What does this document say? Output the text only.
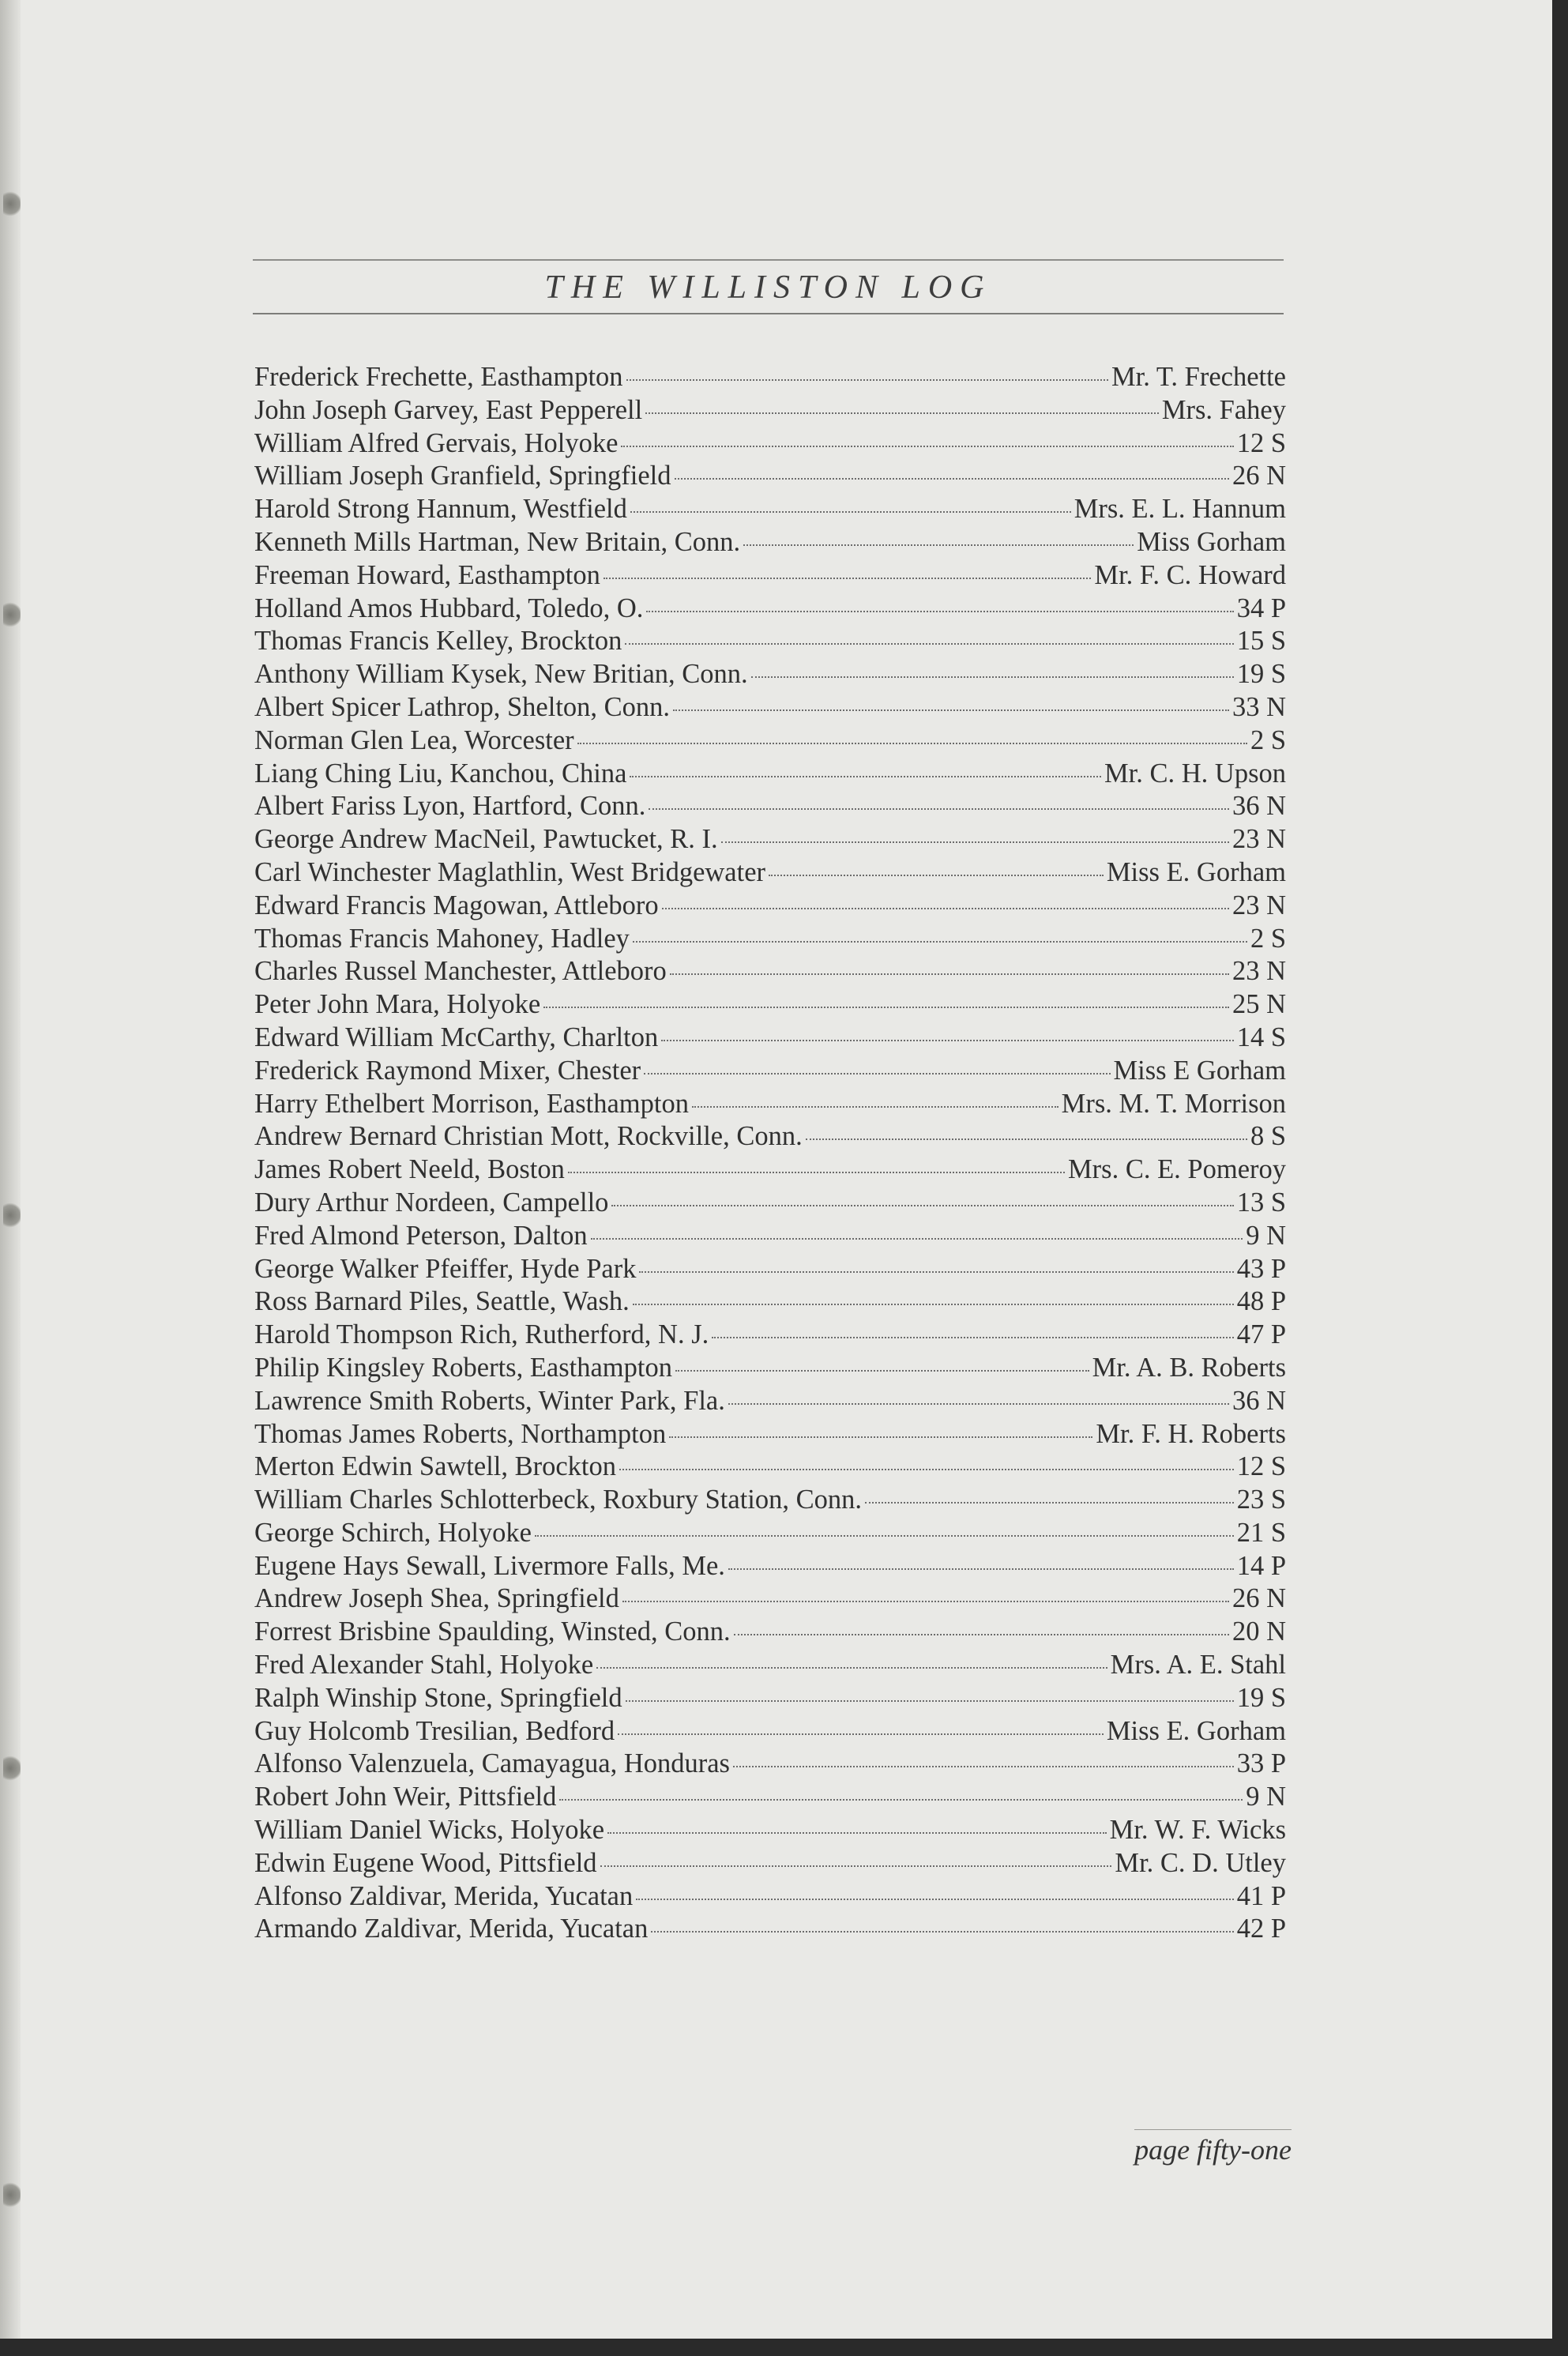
THE WILLISTON LOG
Frederick Frechette, Easthampton	Mr. T. Frechette
John Joseph Garvey, East Pepperell	Mrs. Fahey
William Alfred Gervais, Holyoke	12 S
William Joseph Granfield, Springfield	26 N
Harold Strong Hannum, Westfield	Mrs. E. L. Hannum
Kenneth Mills Hartman, New Britain, Conn.	Miss Gorham
Freeman Howard, Easthampton	Mr. F. C. Howard
Holland Amos Hubbard, Toledo, O.	34 P
Thomas Francis Kelley, Brockton	15 S
Anthony William Kysek, New Britian, Conn.	19 S
Albert Spicer Lathrop, Shelton, Conn.	33 N
Norman Glen Lea, Worcester	2 S
Liang Ching Liu, Kanchou, China	Mr. C. H. Upson
Albert Fariss Lyon, Hartford, Conn.	36 N
George Andrew MacNeil, Pawtucket, R. I.	23 N
Carl Winchester Maglathlin, West Bridgewater	Miss E. Gorham
Edward Francis Magowan, Attleboro	23 N
Thomas Francis Mahoney, Hadley	2 S
Charles Russel Manchester, Attleboro	23 N
Peter John Mara, Holyoke	25 N
Edward William McCarthy, Charlton	14 S
Frederick Raymond Mixer, Chester	Miss E Gorham
Harry Ethelbert Morrison, Easthampton	Mrs. M. T. Morrison
Andrew Bernard Christian Mott, Rockville, Conn.	8 S
James Robert Neeld, Boston	Mrs. C. E. Pomeroy
Dury Arthur Nordeen, Campello	13 S
Fred Almond Peterson, Dalton	9 N
George Walker Pfeiffer, Hyde Park	43 P
Ross Barnard Piles, Seattle, Wash.	48 P
Harold Thompson Rich, Rutherford, N. J.	47 P
Philip Kingsley Roberts, Easthampton	Mr. A. B. Roberts
Lawrence Smith Roberts, Winter Park, Fla.	36 N
Thomas James Roberts, Northampton	Mr. F. H. Roberts
Merton Edwin Sawtell, Brockton	12 S
William Charles Schlotterbeck, Roxbury Station, Conn.	23 S
George Schirch, Holyoke	21 S
Eugene Hays Sewall, Livermore Falls, Me.	14 P
Andrew Joseph Shea, Springfield	26 N
Forrest Brisbine Spaulding, Winsted, Conn.	20 N
Fred Alexander Stahl, Holyoke	Mrs. A. E. Stahl
Ralph Winship Stone, Springfield	19 S
Guy Holcomb Tresilian, Bedford	Miss E. Gorham
Alfonso Valenzuela, Camayagua, Honduras	33 P
Robert John Weir, Pittsfield	9 N
William Daniel Wicks, Holyoke	Mr. W. F. Wicks
Edwin Eugene Wood, Pittsfield	Mr. C. D. Utley
Alfonso Zaldivar, Merida, Yucatan	41 P
Armando Zaldivar, Merida, Yucatan	42 P
page fifty-one
